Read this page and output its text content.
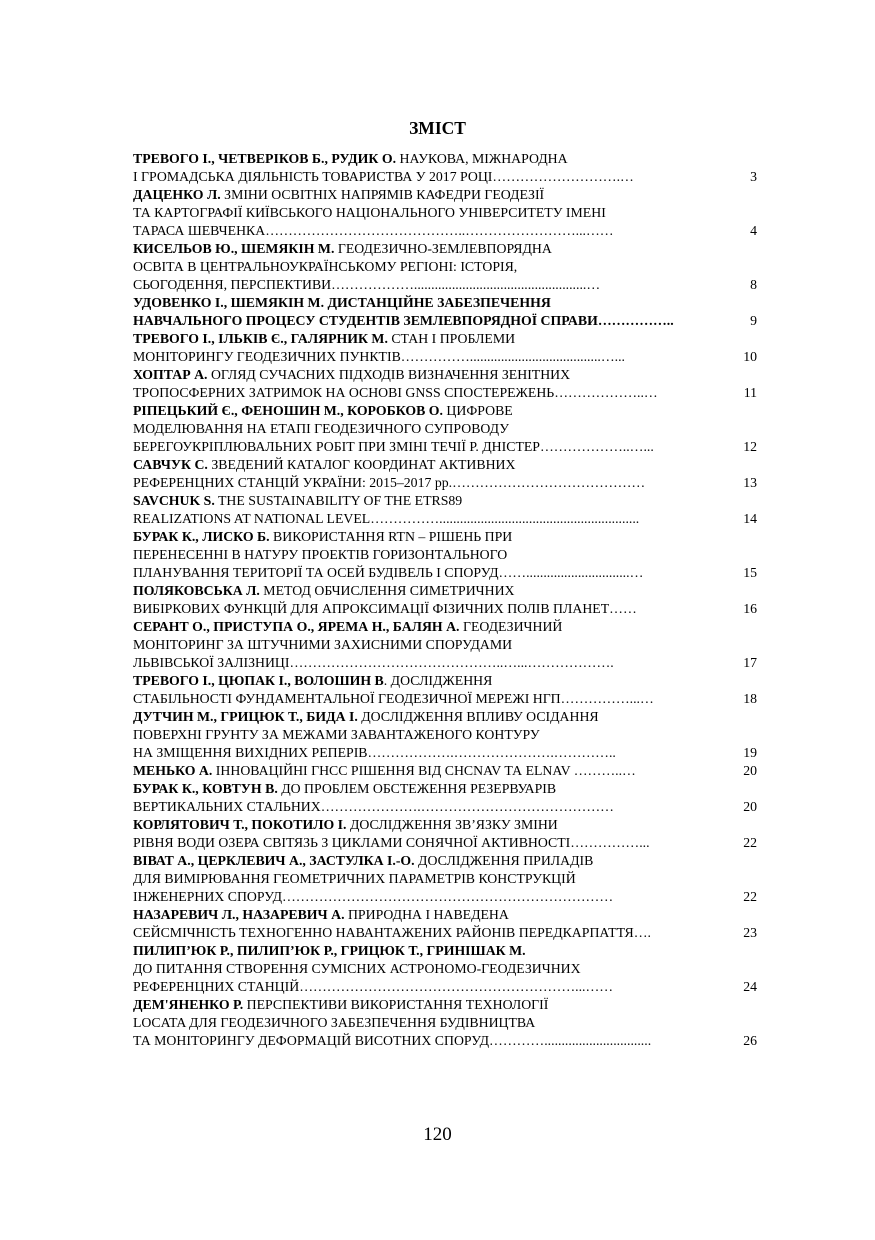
ЗМІСТ
ТРЕВОГО І., ЧЕТВЕРІКОВ Б., РУДИК О. НАУКОВА, МІЖНАРОДНА
І ГРОМАДСЬКА ДІЯЛЬНІСТЬ ТОВАРИСТВА У 2017 РОЦІ……………………….…	3
ДАЦЕНКО Л. ЗМІНИ ОСВІТНІХ НАПРЯМІВ КАФЕДРИ ГЕОДЕЗІЇ
ТА КАРТОГРАФІЇ КИЇВСЬКОГО НАЦІОНАЛЬНОГО УНІВЕРСИТЕТУ ІМЕНІ
ТАРАСА ШЕВЧЕНКА……………………………………..……………………...……	4
КИСЕЛЬОВ Ю., ШЕМЯКІН М. ГЕОДЕЗИЧНО-ЗЕМЛЕВПОРЯДНА
ОСВІТА В ЦЕНТРАЛЬНОУКРАЇНСЬКОМУ РЕГІОНІ: ІСТОРІЯ,
СЬОГОДЕННЯ, ПЕРСПЕКТИВИ………………..................................................…	8
УДОВЕНКО І., ШЕМЯКІН М. ДИСТАНЦІЙНЕ ЗАБЕЗПЕЧЕННЯ
НАВЧАЛЬНОГО ПРОЦЕСУ СТУДЕНТІВ ЗЕМЛЕВПОРЯДНОЇ СПРАВИ……………..	9
ТРЕВОГО І., ІЛЬКІВ Є., ГАЛЯРНИК М. СТАН І ПРОБЛЕМИ
МОНІТОРИНГУ ГЕОДЕЗИЧНИХ ПУНКТІВ……………......................................…...	10
ХОПТАР А. ОГЛЯД СУЧАСНИХ ПІДХОДІВ ВИЗНАЧЕННЯ ЗЕНІТНИХ
ТРОПОСФЕРНИХ ЗАТРИМОК НА ОСНОВІ GNSS СПОСТЕРЕЖЕНЬ………………..…	11
РІПЕЦЬКИЙ Є., ФЕНОШИН М., КОРОБКОВ О. ЦИФРОВЕ
МОДЕЛЮВАННЯ НА ЕТАПІ ГЕОДЕЗИЧНОГО СУПРОВОДУ
БЕРЕГОУКРІПЛЮВАЛЬНИХ РОБІТ ПРИ ЗМІНІ ТЕЧІЇ Р. ДНІСТЕР………………..…...	12
САВЧУК С. ЗВЕДЕНИЙ КАТАЛОГ КООРДИНАТ АКТИВНИХ
РЕФЕРЕНЦНИХ СТАНЦІЙ УКРАЇНИ: 2015–2017 рр.……………………………………	13
SAVCHUK S. THE SUSTAINABILITY OF THE ETRS89
REALIZATIONS AT NATIONAL LEVEL……………..........................................................	14
БУРАК К., ЛИСКО Б. ВИКОРИСТАННЯ RTN – РІШЕНЬ ПРИ
ПЕРЕНЕСЕННІ В НАТУРУ ПРОЕКТІВ ГОРИЗОНТАЛЬНОГО
ПЛАНУВАННЯ ТЕРИТОРІЇ ТА ОСЕЙ БУДІВЕЛЬ І СПОРУД……..............................…	15
ПОЛЯКОВСЬКА Л. МЕТОД ОБЧИСЛЕННЯ СИМЕТРИЧНИХ
ВИБІРКОВИХ ФУНКЦІЙ ДЛЯ АПРОКСИМАЦІЇ ФІЗИЧНИХ ПОЛІВ ПЛАНЕТ……	16
СЕРАНТ О., ПРИСТУПА О., ЯРЕМА Н., БАЛЯН А. ГЕОДЕЗИЧНИЙ
МОНІТОРИНГ ЗА ШТУЧНИМИ ЗАХИСНИМИ СПОРУДАМИ
ЛЬВІВСЬКОЇ ЗАЛІЗНИЦІ………………………………………..…...……………….	17
ТРЕВОГО І., ЦЮПАК І., ВОЛОШИН В. ДОСЛІДЖЕННЯ
СТАБІЛЬНОСТІ ФУНДАМЕНТАЛЬНОЇ ГЕОДЕЗИЧНОЇ МЕРЕЖІ НГП……………...…	18
ДУТЧИН М., ГРИЦЮК Т., БИДА І. ДОСЛІДЖЕННЯ ВПЛИВУ ОСІДАННЯ
ПОВЕРХНІ ГРУНТУ ЗА МЕЖАМИ ЗАВАНТАЖЕНОГО КОНТУРУ
НА ЗМІЩЕННЯ ВИХІДНИХ РЕПЕРІВ……………….………………….…………..	19
МЕНЬКО А. ІННОВАЦІЙНІ ГНСС РІШЕННЯ ВІД CHCNAV ТА ELNAV ………..…	20
БУРАК К., КОВТУН В. ДО ПРОБЛЕМ ОБСТЕЖЕННЯ РЕЗЕРВУАРІВ
ВЕРТИКАЛЬНИХ СТАЛЬНИХ………………….……………………………………	20
КОРЛЯТОВИЧ Т., ПОКОТИЛО І. ДОСЛІДЖЕННЯ ЗВ’ЯЗКУ ЗМІНИ
РІВНЯ ВОДИ ОЗЕРА СВІТЯЗЬ З ЦИКЛАМИ СОНЯЧНОЇ АКТИВНОСТІ……………...	22
ВІВАТ А., ЦЕРКЛЕВИЧ А., ЗАСТУЛКА І.-О. ДОСЛІДЖЕННЯ ПРИЛАДІВ
ДЛЯ ВИМІРЮВАННЯ ГЕОМЕТРИЧНИХ ПАРАМЕТРІВ КОНСТРУКЦІЙ
ІНЖЕНЕРНИХ СПОРУД………………………………………………………………	22
НАЗАРЕВИЧ Л., НАЗАРЕВИЧ А. ПРИРОДНА І НАВЕДЕНА
СЕЙСМІЧНІСТЬ ТЕХНОГЕННО НАВАНТАЖЕНИХ РАЙОНІВ ПЕРЕДКАРПАТТЯ….	23
ПИЛИП’ЮК Р., ПИЛИП’ЮК Р., ГРИЦЮК Т., ГРИНІШАК М.
ДО ПИТАННЯ СТВОРЕННЯ СУМІСНИХ АСТРОНОМО-ГЕОДЕЗИЧНИХ
РЕФЕРЕНЦНИХ СТАНЦІЙ……………………………………………………...……	24
ДЕМ'ЯНЕНКО Р. ПЕРСПЕКТИВИ ВИКОРИСТАННЯ ТЕХНОЛОГІЇ
LOCATA ДЛЯ ГЕОДЕЗИЧНОГО ЗАБЕЗПЕЧЕННЯ БУДІВНИЦТВА
ТА МОНІТОРИНГУ ДЕФОРМАЦІЙ ВИСОТНИХ СПОРУД…………...............................	26
120
